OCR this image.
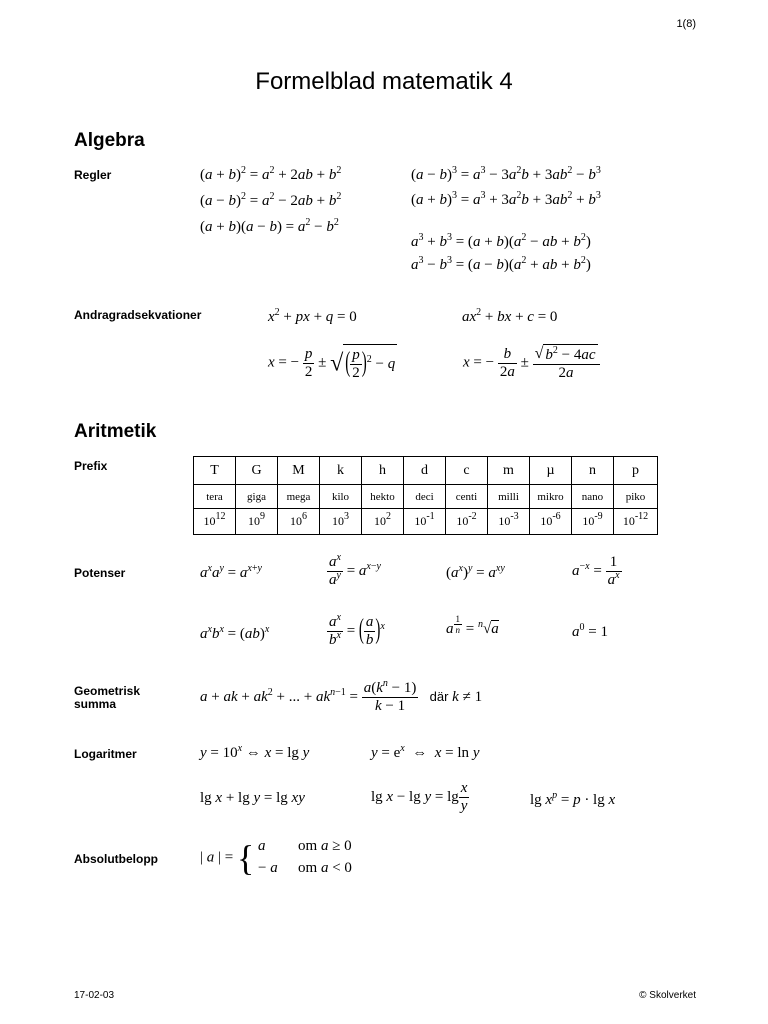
1(8)
Formelblad matematik 4
Algebra
Regler	$(a + b)^2 = a^2 + 2ab + b^2$
$(a - b)^2 = a^2 - 2ab + b^2$
$(a + b)(a - b) = a^2 - b^2$
$(a - b)^3 = a^3 - 3a^2b + 3ab^2 - b^3$
$(a + b)^3 = a^3 + 3a^2b + 3ab^2 + b^3$
$a^3 + b^3 = (a + b)(a^2$ − ab + $b^2$)
$a^3 - b^3 = (a - b)(a^2$ + ab + $b^2$)
Andragradsekvationer	$x^2$ + px + q = 0	$ax^2$ + bx + c = 0
x = − $\frac{p}{2}$ ± √ ( $\frac{p}{2} )^2 - q$	x = − $\frac{b}{2a} \pm \frac{√ b^2 - 4ac}{2a}$
Aritmetik
Prefix	T	G	M	k	h	d	c	m	µ	n	p
tera	giga	mega	kilo	hekto	deci	centi	milli	mikro	nano	piko
$10^{12}$	$10^9$	$10^6$	$10^3$	$10^2$	$10^{-1}$	$10^{-2}$	$10^{-3}$	$10^{-6}$	$10^{-9}$	$10^{-12}$
Potenser	$a^xa^y = a^{x+y}$	$\frac{a^x}{a^y} = a^{x-y}$	$(a^x)^y = a^{xy}$	$a^{-x} = \frac{1}{a^x}$
$a^xb^x = (ab)^x$	$\frac{a^x}{b^x}$ = ( $\frac{a}{b} )^x$	a $^{\frac{1}{n}}$ = $^n$√a	$a^0 = 1$
Geometrisk
summa	a + ak + $ak^2$ + ... + $ak^{n-1} = \frac{a(k^n - 1)}{k - 1}$ där k ≠ 1
Logaritmer	$y = 10^x$ ⇔ x = lg y	$y = e^x$  ⇔  x = ln y
lg x + lg y = lg xy	$\lg x - \lg y = \lg \frac{x}{y}$	$\lg x^p = p \cdot \lg x$
Absolutbelopp	| a | = { a om a ≥ 0
− a om a < 0
17-02-03	© Skolverket
